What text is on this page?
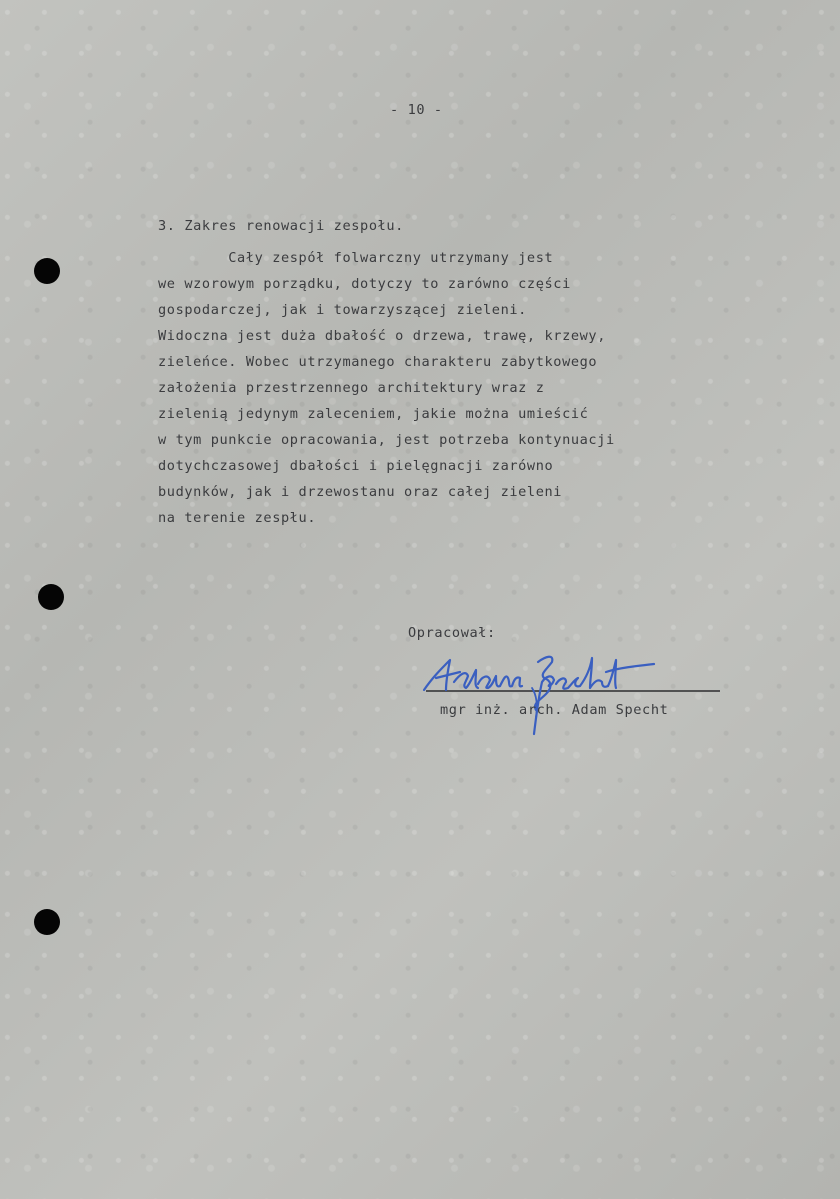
- 10 -
3. Zakres renowacji zespołu.
Cały zespół folwarczny utrzymany jest
we wzorowym porządku, dotyczy to zarówno części
gospodarczej, jak i towarzyszącej zieleni.
Widoczna jest duża dbałość o drzewa, trawę, krzewy,
zieleńce. Wobec utrzymanego charakteru zabytkowego
założenia przestrzennego architektury wraz z
zielenią jedynym zaleceniem, jakie można umieścić
w tym punkcie opracowania, jest potrzeba kontynuacji
dotychczasowej dbałości i pielęgnacji zarówno
budynków, jak i drzewostanu oraz całej zieleni
na terenie zespłu.
Opracował:
mgr inż. arch. Adam Specht
